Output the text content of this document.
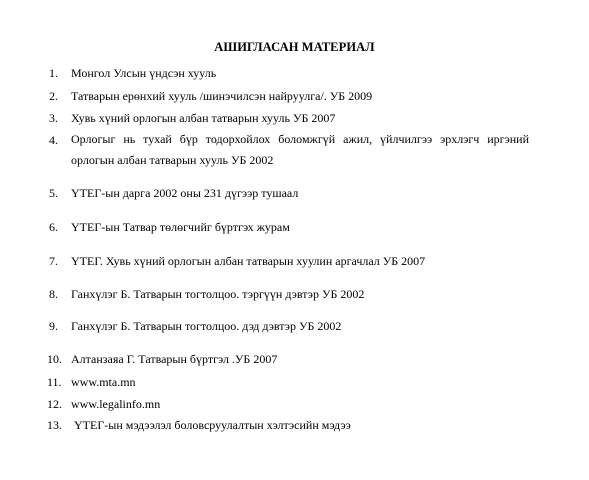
АШИГЛАСАН МАТЕРИАЛ
1. Монгол Улсын үндсэн хууль
2. Татварын ерөнхий хууль /шинэчилсэн найруулга/. УБ 2009
3. Хувь хүний орлогын албан татварын хууль УБ 2007
4. Орлогыг нь тухай бүр тодорхойлох боломжгүй ажил, үйлчилгээ эрхлэгч иргэний орлогын албан татварын хууль УБ 2002
5. ҮТЕГ-ын дарга 2002 оны 231 дүгээр тушаал
6. ҮТЕГ-ын Татвар төлөгчийг бүртгэх журам
7. ҮТЕГ. Хувь хүний орлогын албан татварын хуулин аргачлал УБ 2007
8. Ганхүлэг Б. Татварын тогтолцоо. тэргүүн дэвтэр УБ 2002
9. Ганхүлэг Б. Татварын тогтолцоо. дэд дэвтэр УБ 2002
10. Алтанзаяа Г. Татварын бүртгэл .УБ 2007
11. www.mta.mn
12. www.legalinfo.mn
13. ҮТЕГ-ын мэдээлэл боловсруулалтын хэлтэсийн мэдээ
